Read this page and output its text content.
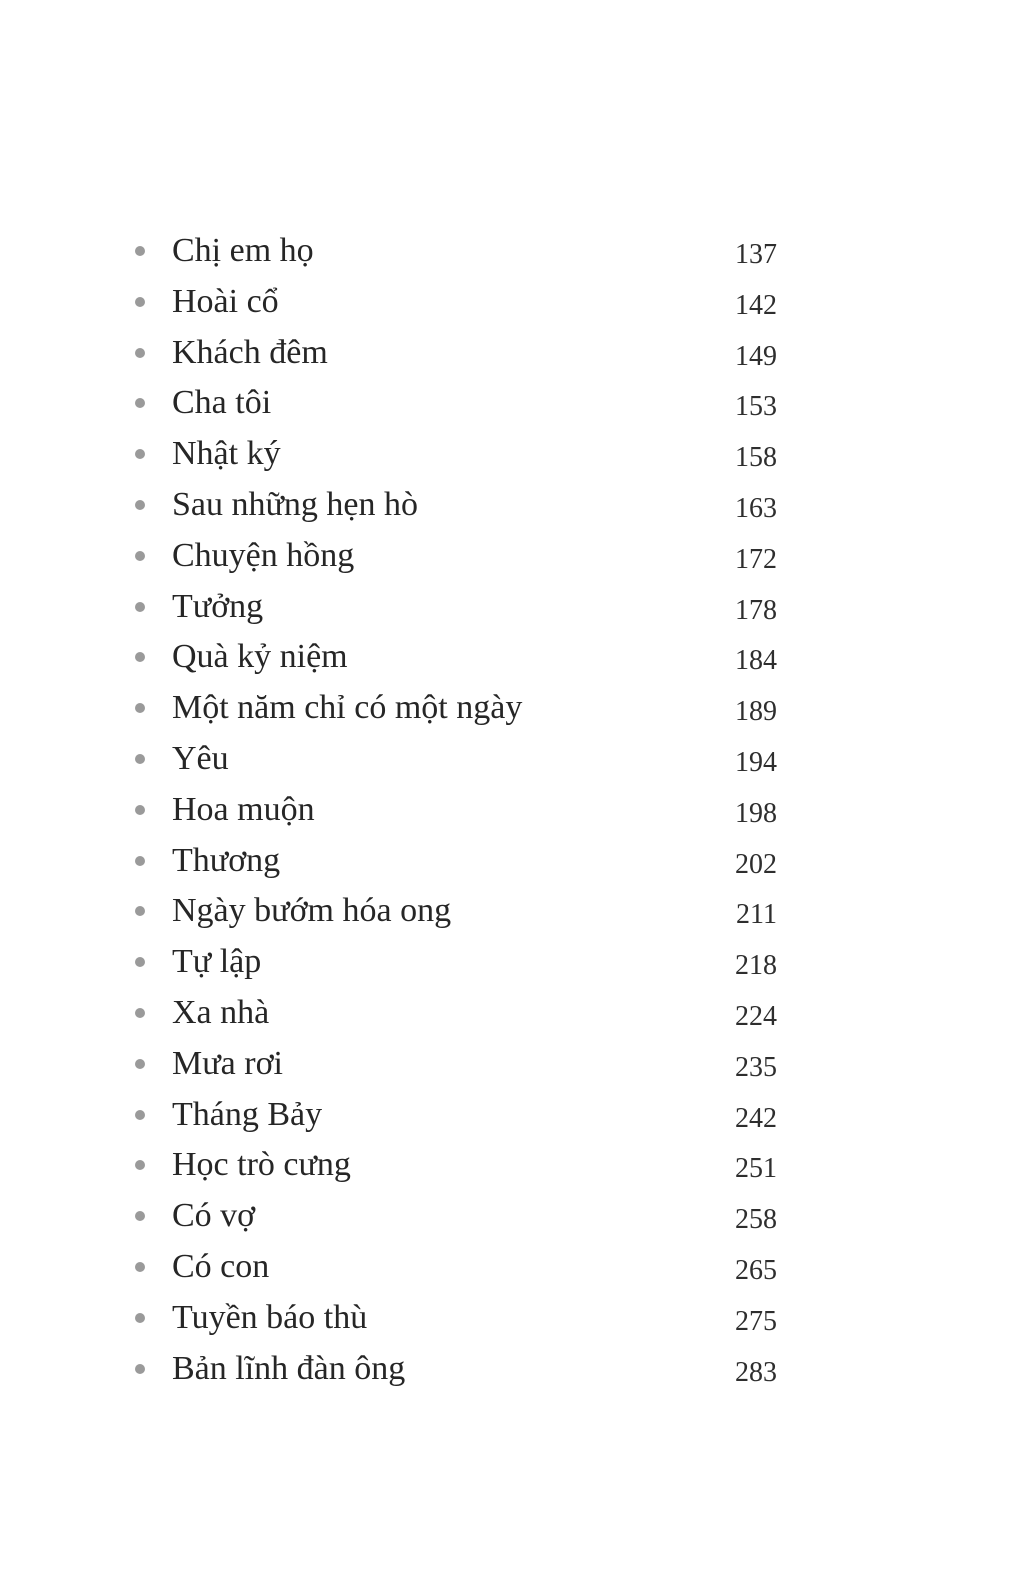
Chị em họ	137
Hoài cổ	142
Khách đêm	149
Cha tôi	153
Nhật ký	158
Sau những hẹn hò	163
Chuyện hồng	172
Tưởng	178
Quà kỷ niệm	184
Một năm chỉ có một ngày	189
Yêu	194
Hoa muộn	198
Thương	202
Ngày bướm hóa ong	211
Tự lập	218
Xa nhà	224
Mưa rơi	235
Tháng Bảy	242
Học trò cưng	251
Có vợ	258
Có con	265
Tuyền báo thù	275
Bản lĩnh đàn ông	283
